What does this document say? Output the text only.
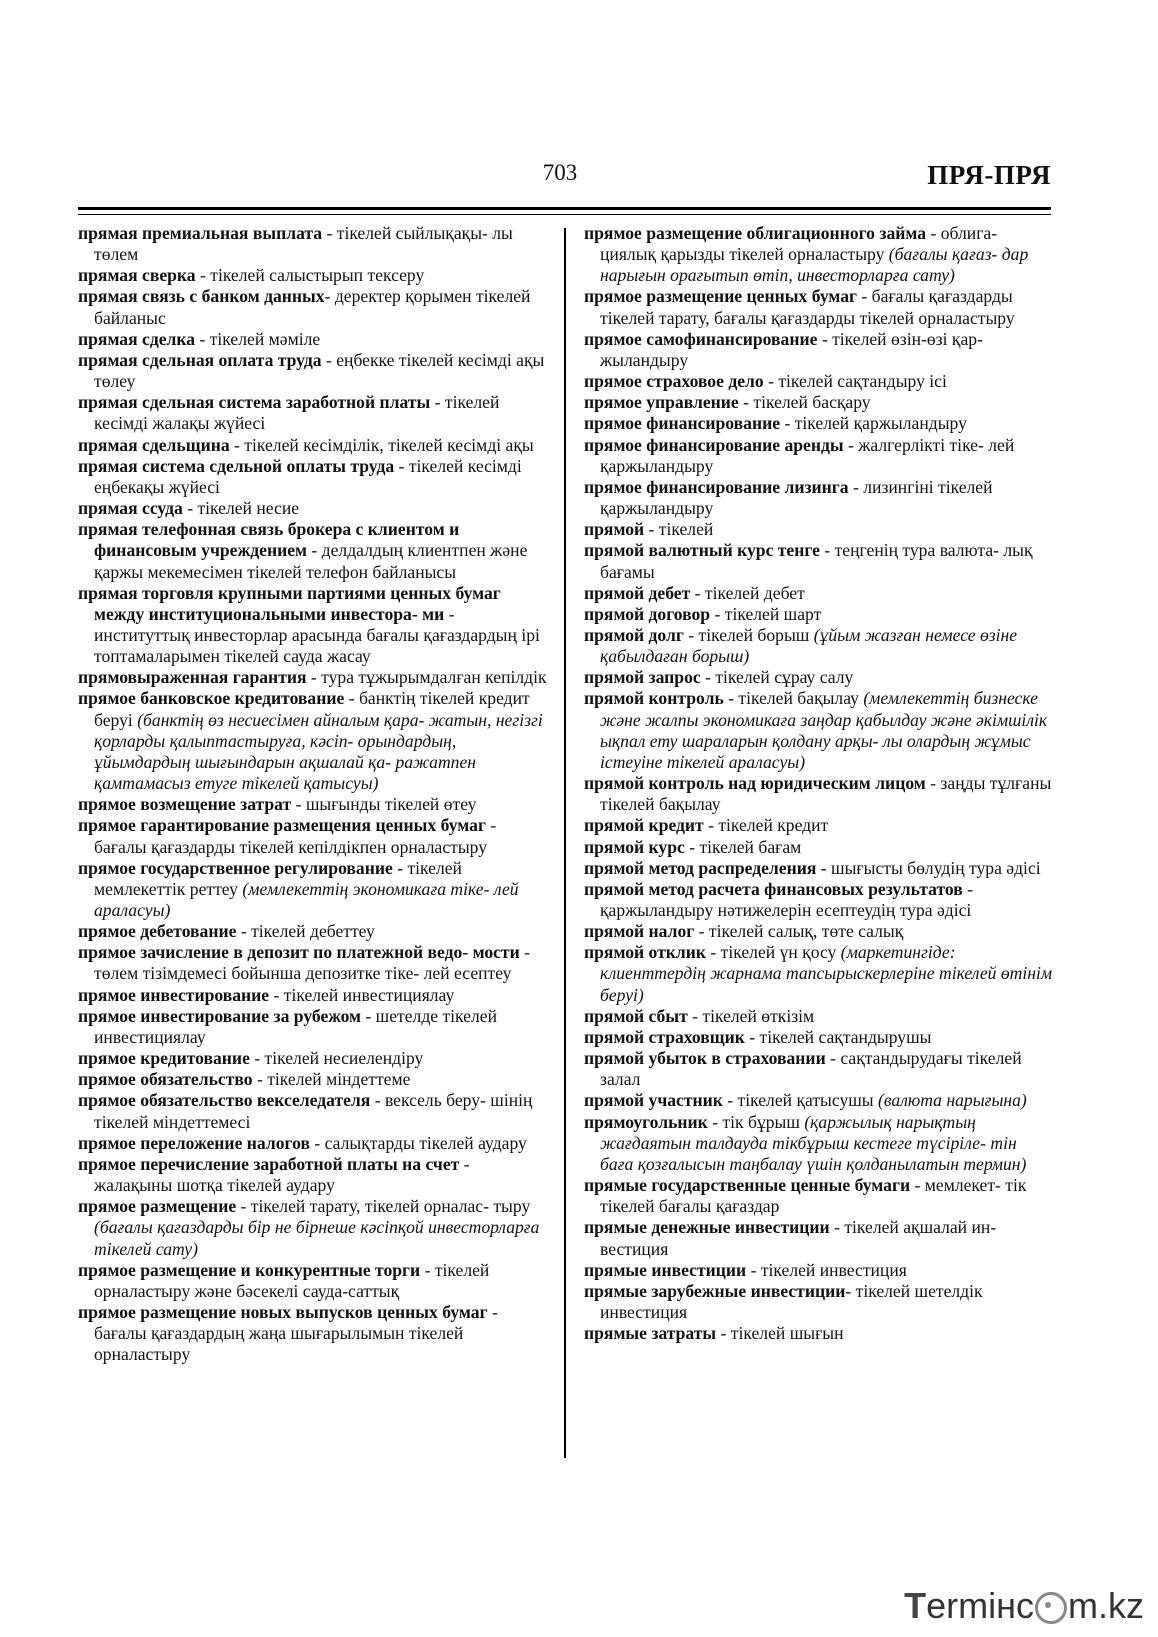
703	ПРЯ-ПРЯ

прямая премиальная выплата - тікелей сыйлықақы- лы төлем

прямая сверка - тікелей салыстырып тексеру

прямая связь с банком данных- деректер қорымен тікелей байланыс

прямая сделка - тікелей мәміле

прямая сдельная оплата труда - еңбекке тікелей кесімді ақы төлеу

прямая сдельная система заработной платы - тікелей кесімді жалақы жүйесі

прямая сдельщина - тікелей кесімділік, тікелей кесімді ақы

прямая система сдельной оплаты труда - тікелей кесімді еңбекақы жүйесі

прямая ссуда - тікелей несие

прямая телефонная связь брокера с клиентом и финансовым учреждением - делдалдың клиентпен және қаржы мекемесімен тікелей телефон байланысы

прямая торговля крупными партиями ценных бумаг между институциональными инвестора- ми - институттық инвесторлар арасында бағалы қағаздардың ірі топтамаларымен тікелей сауда жасау

прямовыраженная гарантия - тура тұжырымдалған кепілдік

прямое банковское кредитование - банктің тікелей кредит беруі (банктің өз несиесімен айналым қара- жатын, негізгі қорларды қалыптастыруға, кәсіп- орындардың, ұйымдардың шығындарын ақшалай қа- ражатпен қамтамасыз етуге тікелей қатысуы)

прямое возмещение затрат - шығынды тікелей өтеу

прямое гарантирование размещения ценных бумаг - бағалы қағаздарды тікелей кепілдікпен орналастыру

прямое государственное регулирование - тікелей мемлекеттік реттеу (мемлекеттің экономикаға тіке- лей араласуы)

прямое дебетование - тікелей дебеттеу

прямое зачисление в депозит по платежной ведо- мости - төлем тізімдемесі бойынша депозитке тіке- лей есептеу

прямое инвестирование - тікелей инвестициялау

прямое инвестирование за рубежом - шетелде тікелей инвестициялау

прямое кредитование - тікелей несиелендіру

прямое обязательство - тікелей міндеттеме

прямое обязательство векселедателя - вексель беру- шінің тікелей міндеттемесі

прямое переложение налогов - салықтарды тікелей аудару

прямое перечисление заработной платы на счет - жалақыны шотқа тікелей аудару

прямое размещение - тікелей тарату, тікелей орналас- тыру (бағалы қағаздарды бір не бірнеше кәсіпқой инвесторларға тікелей сату)

прямое размещение и конкурентные торги - тікелей орналастыру және бәсекелі сауда-саттық

прямое размещение новых выпусков ценных бумаг - бағалы қағаздардың жаңа шығарылымын тікелей орналастыру

прямое размещение облигационного займа - облига- циялық қарызды тікелей орналастыру (бағалы қағаз- дар нарығын орағытып өтіп, инвесторларға сату)

прямое размещение ценных бумаг - бағалы қағаздарды тікелей тарату, бағалы қағаздарды тікелей орналастыру

прямое самофинансирование - тікелей өзін-өзі қар- жыландыру

прямое страховое дело - тікелей сақтандыру ісі

прямое управление - тікелей басқару

прямое финансирование - тікелей қаржыландыру

прямое финансирование аренды - жалгерлікті тіке- лей қаржыландыру

прямое финансирование лизинга - лизингіні тікелей қаржыландыру

прямой - тікелей

прямой валютный курс тенге - теңгенің тура валюта- лық бағамы

прямой дебет - тікелей дебет

прямой договор - тікелей шарт

прямой долг - тікелей борыш (ұйым жазған немесе өзіне қабылдаған борыш)

прямой запрос - тікелей сұрау салу

прямой контроль - тікелей бақылау (мемлекеттің бизнеске және жалпы экономикаға заңдар қабылдау және әкімшілік ықпал ету шараларын қолдану арқы- лы олардың жұмыс істеуіне тікелей араласуы)

прямой контроль над юридическим лицом - заңды тұлғаны тікелей бақылау

прямой кредит - тікелей кредит

прямой курс - тікелей бағам

прямой метод распределения - шығысты бөлудің тура әдісі

прямой метод расчета финансовых результатов - қаржыландыру нәтижелерін есептеудің тура әдісі

прямой налог - тікелей салық, төте салық

прямой отклик - тікелей үн қосу (маркетингіде: клиенттердің жарнама тапсырыскерлеріне тікелей өтінім беруі)

прямой сбыт - тікелей өткізім

прямой страховщик - тікелей сақтандырушы

прямой убыток в страховании - сақтандырудағы тікелей залал

прямой участник - тікелей қатысушы (валюта нарығына)

прямоугольник - тік бұрыш (қаржылық нарықтың жағдаятын талдауда тікбұрыш кестеге түсіріле- тін баға қозғалысын таңбалау үшін қолданылатын термин)

прямые государственные ценные бумаги - мемлекет- тік тікелей бағалы қағаздар

прямые денежные инвестиции - тікелей ақшалай ин- вестиция

прямые инвестиции - тікелей инвестиция

прямые зарубежные инвестиции- тікелей шетелдік инвестиция

прямые затраты - тікелей шығын

T ermінс m.kz
